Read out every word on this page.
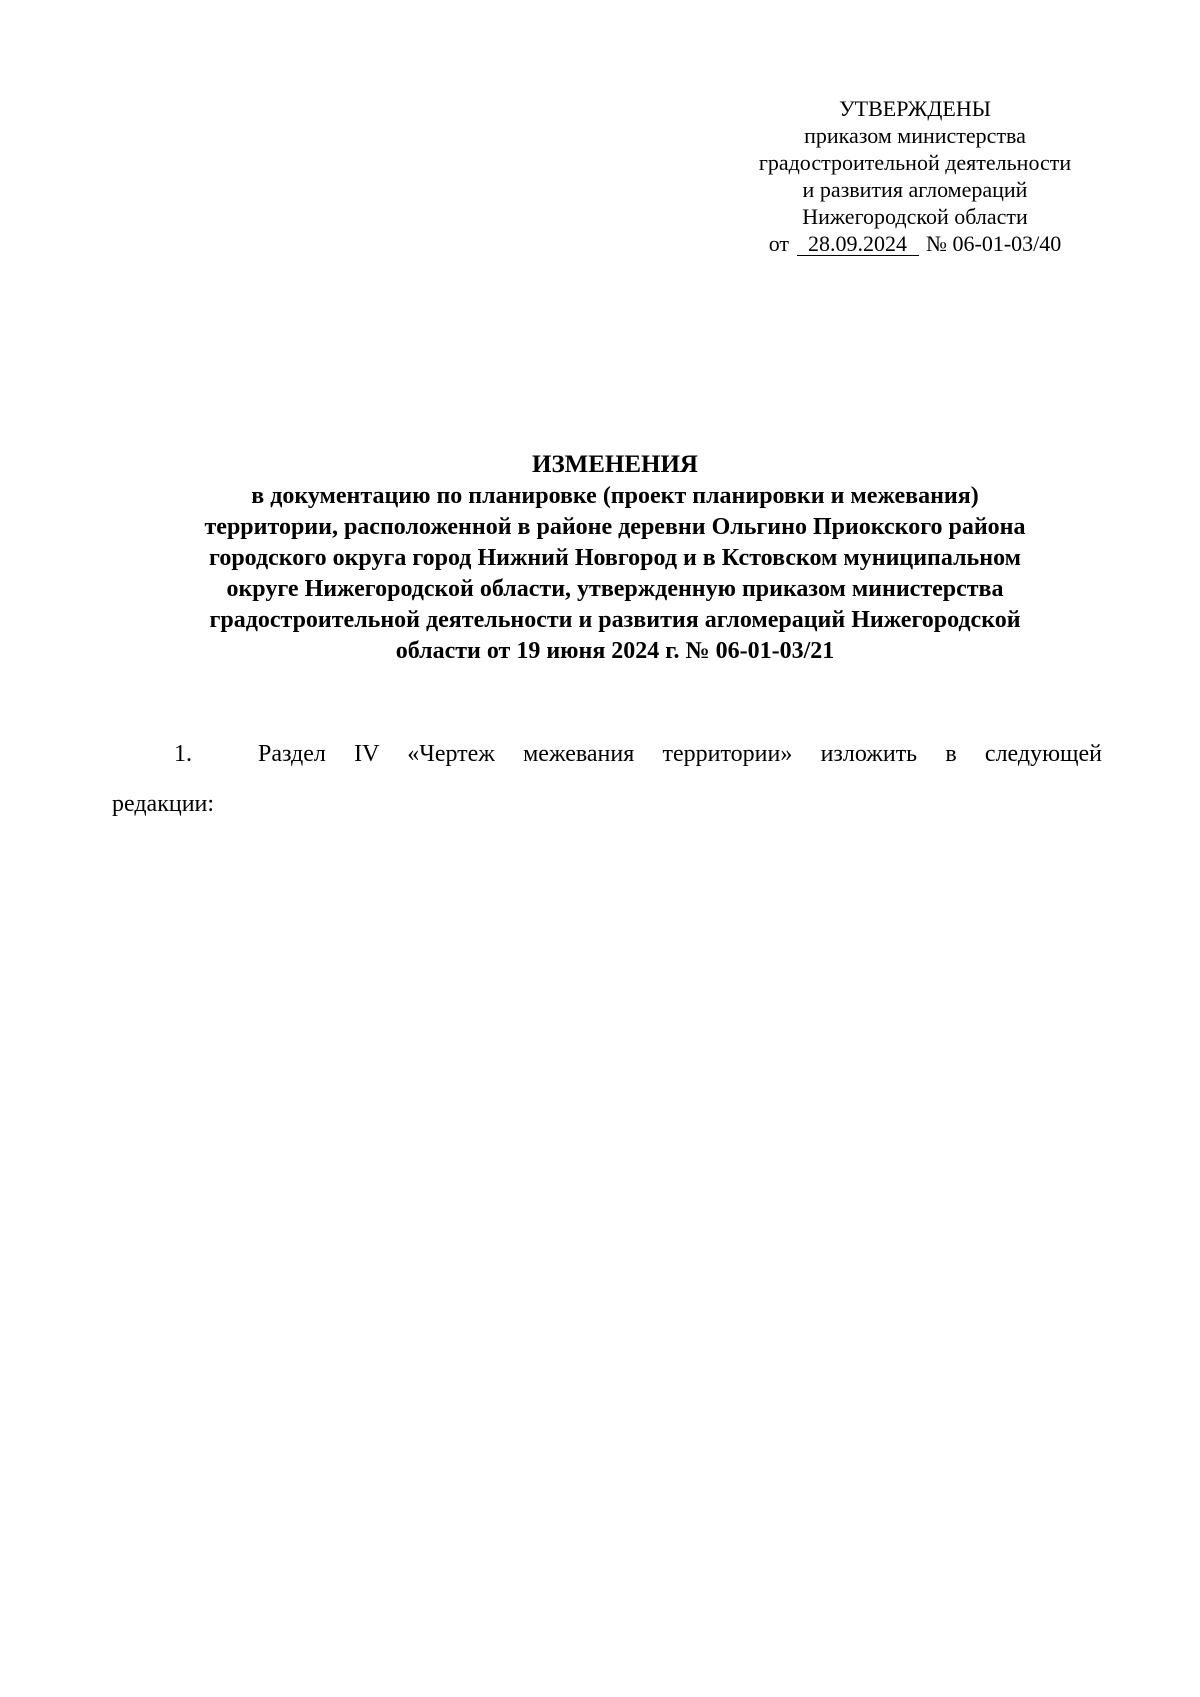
УТВЕРЖДЕНЫ
приказом министерства
градостроительной деятельности
и развития агломераций
Нижегородской области
от 28.09.2024 № 06-01-03/40
ИЗМЕНЕНИЯ
в документацию по планировке (проект планировки и межевания)
территории, расположенной в районе деревни Ольгино Приокского района
городского округа город Нижний Новгород и в Кстовском муниципальном
округе Нижегородской области, утвержденную приказом министерства
градостроительной деятельности и развития агломераций Нижегородской
области от 19 июня 2024 г. № 06-01-03/21
1.	Раздел IV «Чертеж межевания территории» изложить в следующей
редакции:
